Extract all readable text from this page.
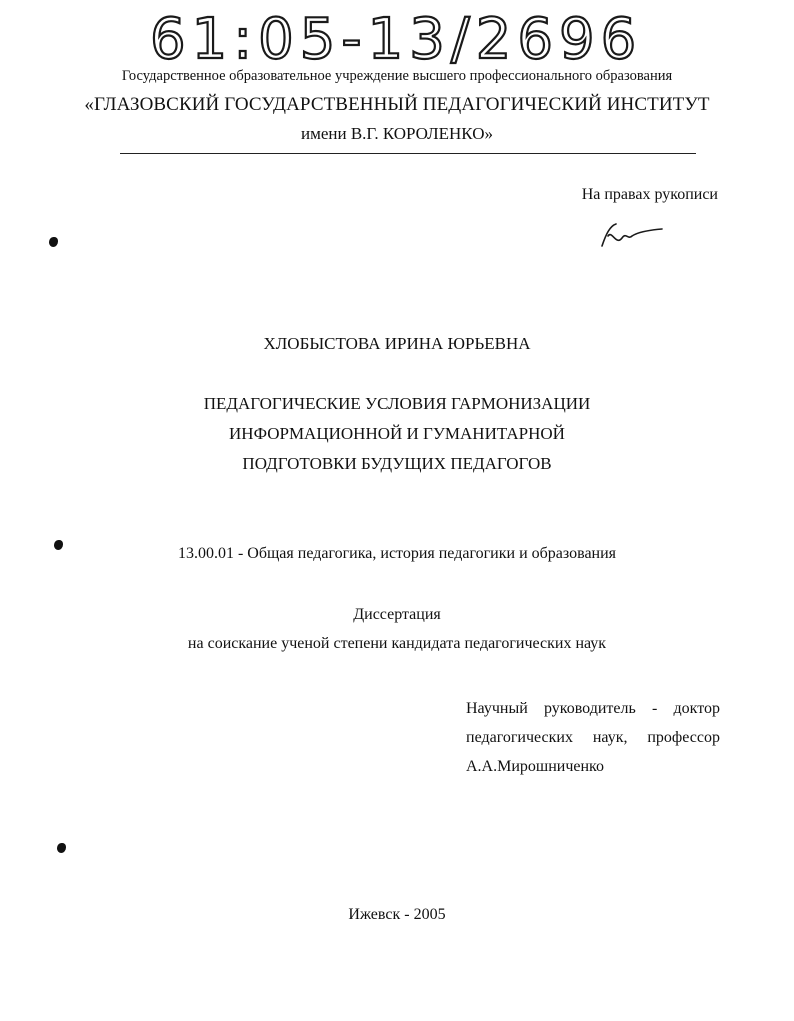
61:05-13/2696
Государственное образовательное учреждение высшего профессионального образования
«ГЛАЗОВСКИЙ ГОСУДАРСТВЕННЫЙ ПЕДАГОГИЧЕСКИЙ ИНСТИТУТ
имени В.Г. КОРОЛЕНКО»
На правах рукописи
ХЛОБЫСТОВА ИРИНА ЮРЬЕВНА
ПЕДАГОГИЧЕСКИЕ УСЛОВИЯ ГАРМОНИЗАЦИИ
ИНФОРМАЦИОННОЙ И ГУМАНИТАРНОЙ
ПОДГОТОВКИ БУДУЩИХ ПЕДАГОГОВ
13.00.01 - Общая педагогика, история педагогики и образования
Диссертация
на соискание ученой степени кандидата педагогических наук
Научный руководитель - доктор
педагогических наук, профессор
А.А.Мирошниченко
Ижевск - 2005
